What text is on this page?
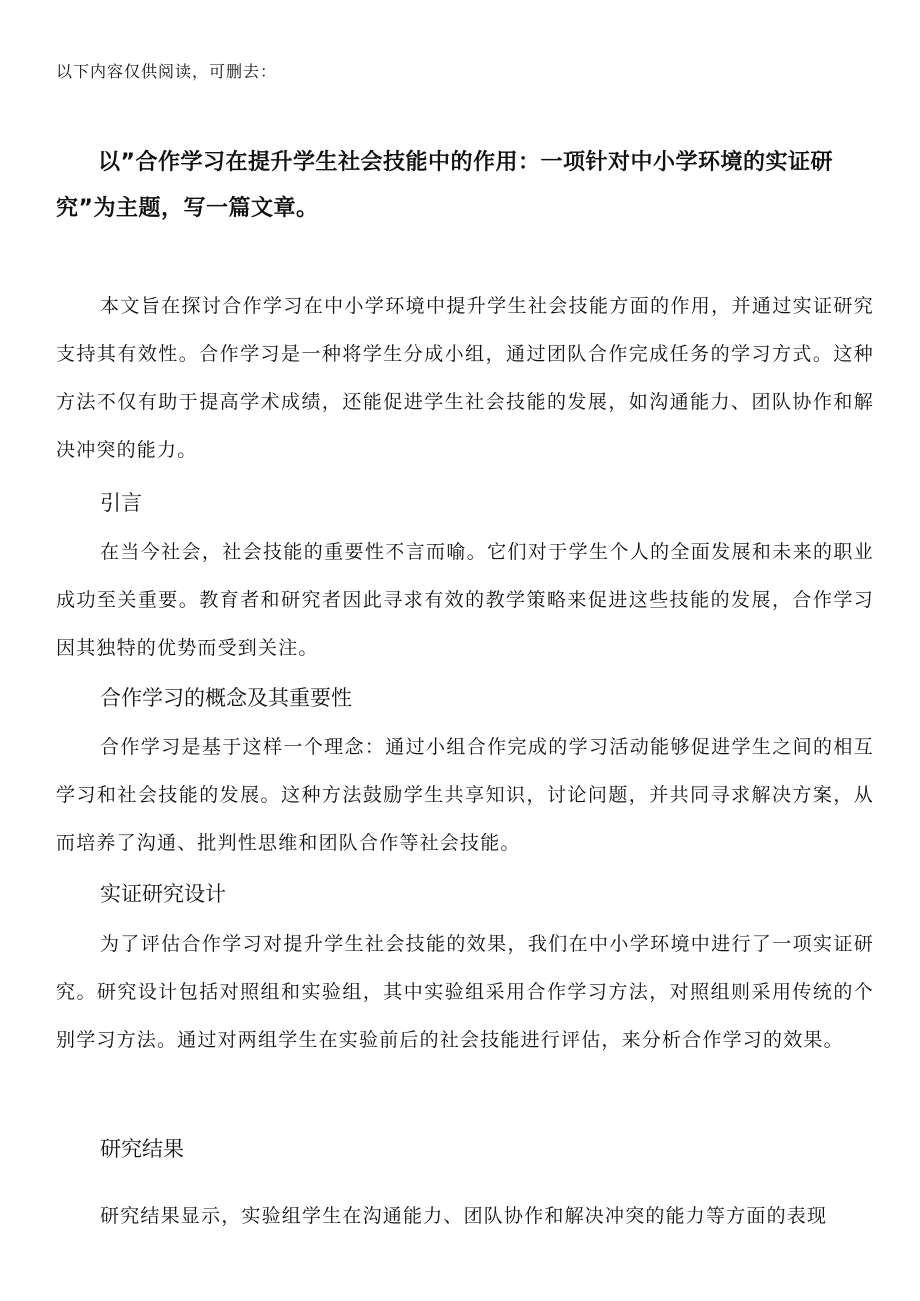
以下内容仅供阅读，可删去：
以”合作学习在提升学生社会技能中的作用：一项针对中小学环境的实证研究”为主题，写一篇文章。
本文旨在探讨合作学习在中小学环境中提升学生社会技能方面的作用，并通过实证研究支持其有效性。合作学习是一种将学生分成小组，通过团队合作完成任务的学习方式。这种方法不仅有助于提高学术成绩，还能促进学生社会技能的发展，如沟通能力、团队协作和解决冲突的能力。
引言
在当今社会，社会技能的重要性不言而喻。它们对于学生个人的全面发展和未来的职业成功至关重要。教育者和研究者因此寻求有效的教学策略来促进这些技能的发展，合作学习因其独特的优势而受到关注。
合作学习的概念及其重要性
合作学习是基于这样一个理念：通过小组合作完成的学习活动能够促进学生之间的相互学习和社会技能的发展。这种方法鼓励学生共享知识，讨论问题，并共同寻求解决方案，从而培养了沟通、批判性思维和团队合作等社会技能。
实证研究设计
为了评估合作学习对提升学生社会技能的效果，我们在中小学环境中进行了一项实证研究。研究设计包括对照组和实验组，其中实验组采用合作学习方法，对照组则采用传统的个别学习方法。通过对两组学生在实验前后的社会技能进行评估，来分析合作学习的效果。
研究结果
研究结果显示，实验组学生在沟通能力、团队协作和解决冲突的能力等方面的表现
